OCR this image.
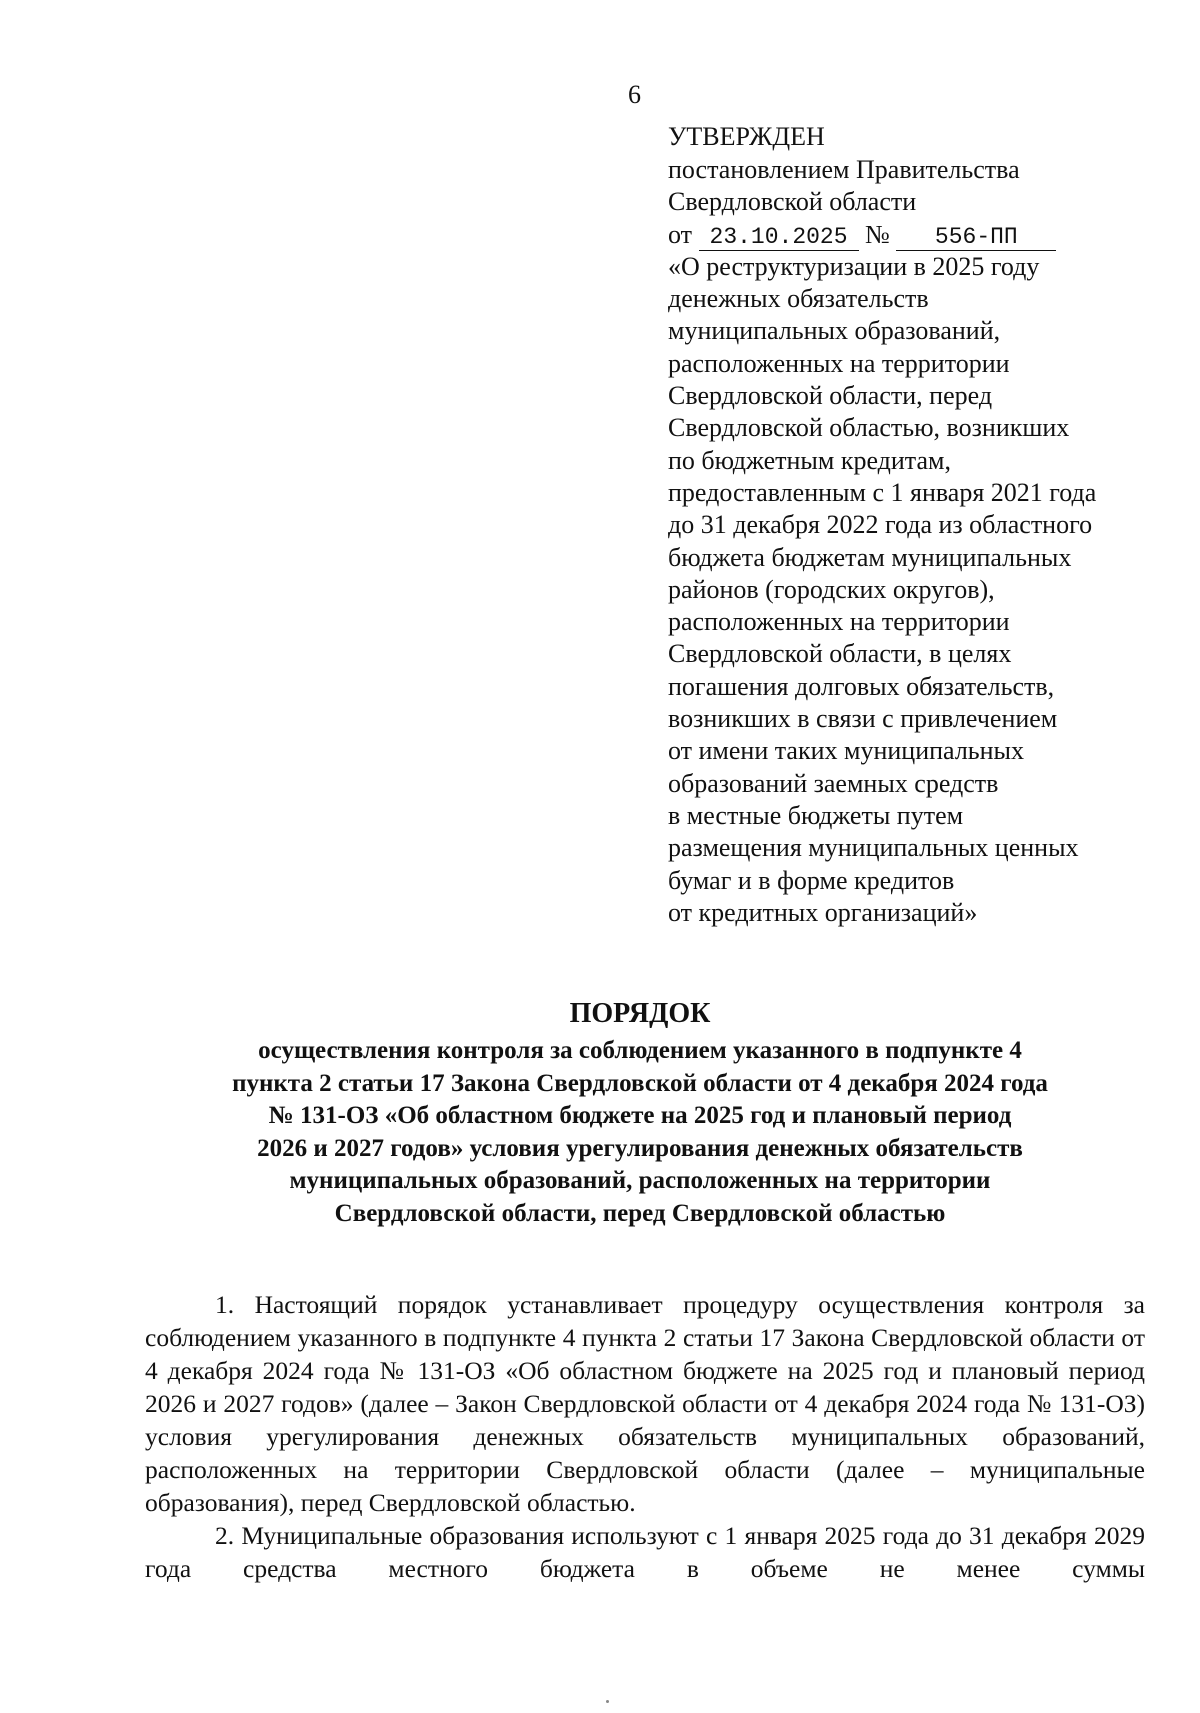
6
УТВЕРЖДЕН
постановлением Правительства
Свердловской области
от 23.10.2025 № 556-ПП
«О реструктуризации в 2025 году
денежных обязательств
муниципальных образований,
расположенных на территории
Свердловской области, перед
Свердловской областью, возникших
по бюджетным кредитам,
предоставленным с 1 января 2021 года
до 31 декабря 2022 года из областного
бюджета бюджетам муниципальных
районов (городских округов),
расположенных на территории
Свердловской области, в целях
погашения долговых обязательств,
возникших в связи с привлечением
от имени таких муниципальных
образований заемных средств
в местные бюджеты путем
размещения муниципальных ценных
бумаг и в форме кредитов
от кредитных организаций»
ПОРЯДОК
осуществления контроля за соблюдением указанного в подпункте 4
пункта 2 статьи 17 Закона Свердловской области от 4 декабря 2024 года
№ 131-ОЗ «Об областном бюджете на 2025 год и плановый период
2026 и 2027 годов» условия урегулирования денежных обязательств
муниципальных образований, расположенных на территории
Свердловской области, перед Свердловской областью

1. Настоящий порядок устанавливает процедуру осуществления контроля за соблюдением указанного в подпункте 4 пункта 2 статьи 17 Закона Свердловской области от 4 декабря 2024 года № 131-ОЗ «Об областном бюджете на 2025 год и плановый период 2026 и 2027 годов» (далее – Закон Свердловской области от 4 декабря 2024 года № 131-ОЗ) условия урегулирования денежных обязательств муниципальных образований, расположенных на территории Свердловской области (далее – муниципальные образования), перед Свердловской областью.

2. Муниципальные образования используют с 1 января 2025 года до 31 декабря 2029 года средства местного бюджета в объеме не менее суммы
